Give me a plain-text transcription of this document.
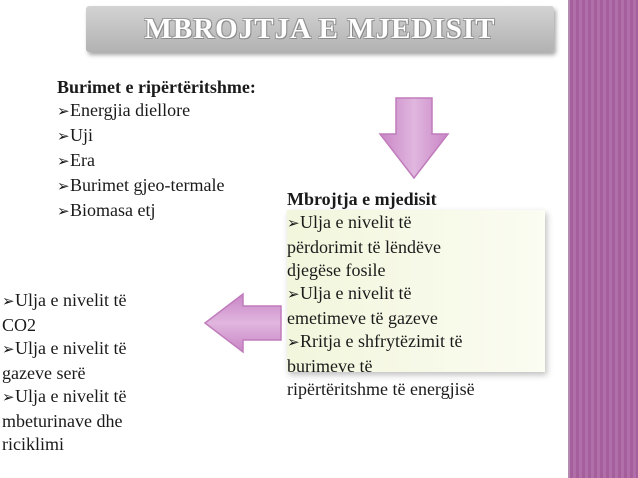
MBROJTJA E MJEDISIT
Burimet e ripërtëritshme:
➢Energjia diellore
➢Uji
➢Era
➢Burimet gjeo-termale
➢Biomasa etj
Mbrojtja e mjedisit
➢Ulja e nivelit të
përdorimit të lëndëve
djegëse fosile
➢Ulja e nivelit të
emetimeve të gazeve
➢Rritja e shfrytëzimit të
burimeve të
ripërtëritshme të energjisë
➢Ulja e nivelit të
CO2
➢Ulja e nivelit të
gazeve serë
➢Ulja e nivelit të
mbeturinave dhe
riciklimi
